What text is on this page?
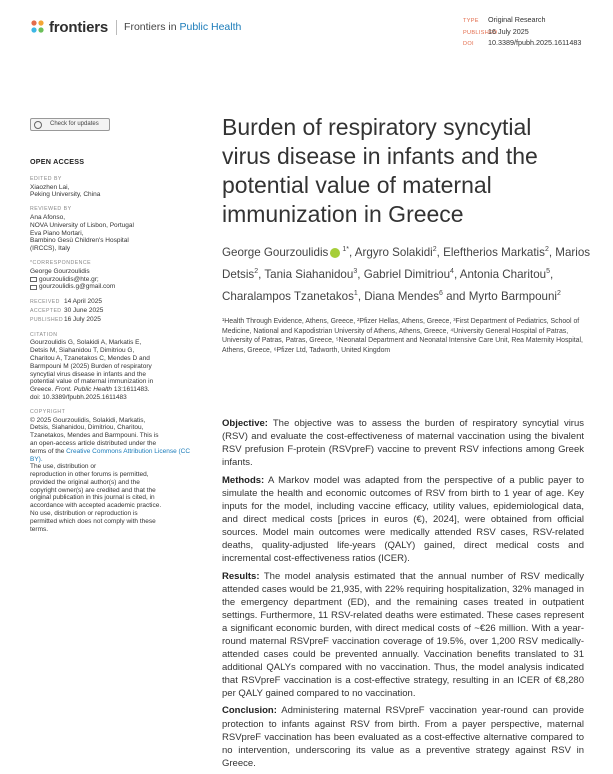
frontiers Frontiers in Public Health	TYPE Original Research
PUBLISHED16 July 2025
DOI 10.3389/fpubh.2025.1611483
Check for updates
OPEN ACCESS
EDITED BY
Xiaozhen Lai,
Peking University, China
REVIEWED BY
Ana Afonso,
NOVA University of Lisbon, Portugal
Eva Piano Mortari,
Bambino Gesù Children's Hospital
(IRCCS), Italy
*CORRESPONDENCE
George Gourzoulidis
gourzoulidis@hte.gr;
gourzoulidis.g@gmail.com
RECEIVED 14 April 2025
ACCEPTED 30 June 2025
PUBLISHED16 July 2025
CITATION
Gourzoulidis G, Solakidi A, Markatis E,
Detsis M, Siahanidou T, Dimitriou G,
Charitou A, Tzanetakos C, Mendes D and
Barmpouni M (2025) Burden of respiratory
syncytial virus disease in infants and the
potential value of maternal immunization in
Greece. Front. Public Health 13:1611483.
doi: 10.3389/fpubh.2025.1611483
COPYRIGHT
© 2025 Gourzoulidis, Solakidi, Markatis,
Detsis, Siahanidou, Dimitriou, Charitou,
Tzanetakos, Mendes and Barmpouni. This is
an open-access article distributed under the
terms of the Creative Commons Attribution License (CC BY).
The use, distribution or
reproduction in other forums is permitted,
provided the original author(s) and the
copyright owner(s) are credited and that the
original publication in this journal is cited, in
accordance with accepted academic practice.
No use, distribution or reproduction is
permitted which does not comply with these
terms.
Burden of respiratory syncytial
virus disease in infants and the
potential value of maternal
immunization in Greece
George Gourzoulidis $^{1*}$, Argyro Solakidi$^2$, Eleftherios Markatis$^2$, Marios Detsis$^2$, Tania Siahanidou$^3$, Gabriel Dimitriou$^4$, Antonia Charitou$^5$, Charalampos Tzanetakos$^1$, Diana Mendes$^6$ and Myrto Barmpouni$^2$
¹Health Through Evidence, Athens, Greece, ²Pfizer Hellas, Athens, Greece, ³First Department of Pediatrics, School of Medicine, National and Kapodistrian University of Athens, Athens, Greece, ⁴University General Hospital of Patras, University of Patras, Patras, Greece, ⁵Neonatal Department and Neonatal Intensive Care Unit, Rea Maternity Hospital, Athens, Greece, ⁶Pfizer Ltd, Tadworth, United Kingdom

Objective: The objective was to assess the burden of respiratory syncytial virus (RSV) and evaluate the cost-effectiveness of maternal vaccination using the bivalent RSV prefusion F-protein (RSVpreF) vaccine to prevent RSV infections among Greek infants.

Methods: A Markov model was adapted from the perspective of a public payer to simulate the health and economic outcomes of RSV from birth to 1 year of age. Key inputs for the model, including vaccine efficacy, utility values, epidemiological data, and direct medical costs [prices in euros (€), 2024], were obtained from official sources. Model main outcomes were medically attended RSV cases, RSV-related deaths, quality-adjusted life-years (QALY) gained, direct medical costs and incremental cost-effectiveness ratios (ICER).

Results: The model analysis estimated that the annual number of RSV medically attended cases would be 21,935, with 22% requiring hospitalization, 32% managed in the emergency department (ED), and the remaining cases treated in outpatient settings. Furthermore, 11 RSV-related deaths were estimated. These cases represent a significant economic burden, with direct medical costs of ~€26 million. With a year-round maternal RSVpreF vaccination coverage of 19.5%, over 1,200 RSV medically-attended cases could be prevented annually. Vaccination benefits translated to 31 additional QALYs compared with no vaccination. Thus, the model analysis indicated that RSVpreF vaccination is a cost-effective strategy, resulting in an ICER of €8,280 per QALY gained compared to no vaccination.

Conclusion: Administering maternal RSVpreF vaccination year-round can provide protection to infants against RSV from birth. From a payer perspective, maternal RSVpreF vaccination has been evaluated as a cost-effective alternative compared to no intervention, underscoring its value as a preventive strategy against RSV in Greece.
